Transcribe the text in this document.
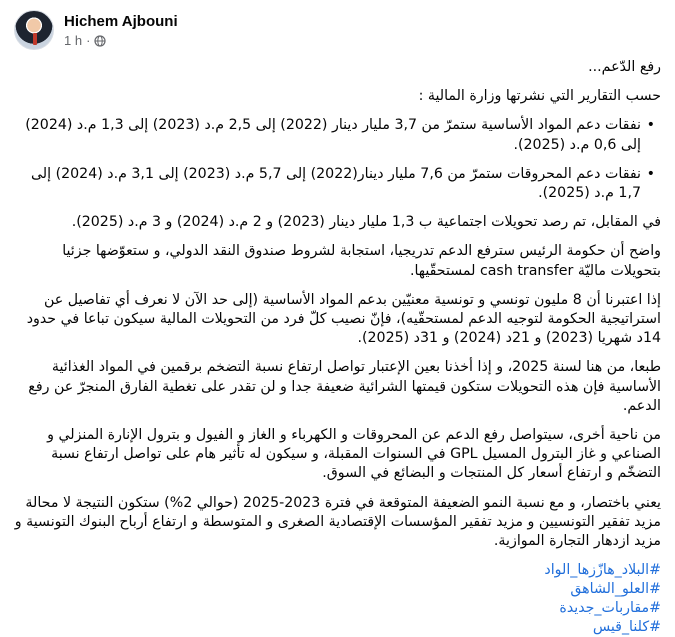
Hichem Ajbouni
1 h ·

رفع الدّعم...

حسب التقارير التي نشرتها وزارة المالية :

• نفقات دعم المواد الأساسية ستمرّ من 3,7 مليار دينار (2022) إلى 2,5 م.د (2023) إلى 1,3 م.د (2024) إلى 0,6 م.د (2025).
• نفقات دعم المحروقات ستمرّ من 7,6 مليار دينار(2022) إلى 5,7 م.د (2023) إلى 3,1 م.د (2024) إلى 1,7 م.د (2025).

في المقابل، تم رصد تحويلات اجتماعية ب 1,3 مليار دينار (2023) و 2 م.د (2024) و 3 م.د (2025).

واضح أن حكومة الرئيس سترفع الدعم تدريجيا، استجابة لشروط صندوق النقد الدولي، و ستعوّضها جزئيا بتحويلات ماليّة cash transfer لمستحقّيها.

إذا اعتبرنا أن 8 مليون تونسي و تونسية معنيّين بدعم المواد الأساسية (إلى حد الآن لا نعرف أي تفاصيل عن استراتيجية الحكومة لتوجيه الدعم لمستحقّيه)، فإنّ نصيب كلّ فرد من التحويلات المالية سيكون تباعا في حدود 14د شهريا (2023) و 21د (2024) و 31د (2025).

طبعا، من هنا لسنة 2025، و إذا أخذنا بعين الإعتبار تواصل ارتفاع نسبة التضخم برقمين في المواد الغذائية الأساسية فإن هذه التحويلات ستكون قيمتها الشرائية ضعيفة جدا و لن تقدر على تغطية الفارق المنجرّ عن رفع الدعم.

من ناحية أخرى، سيتواصل رفع الدعم عن المحروقات و الكهرباء و الغاز و الفيول و بترول الإنارة المنزلي و الصناعي و غاز البترول المسيل GPL في السنوات المقبلة، و سيكون له تأثير هام على تواصل ارتفاع نسبة التضخّم و ارتفاع أسعار كل المنتجات و البضائع في السوق.

يعني باختصار، و مع نسبة النمو الضعيفة المتوقعة في فترة 2023-2025 (حوالي 2%) ستكون النتيجة لا محالة مزيد تفقير التونسيين و مزيد تفقير المؤسسات الإقتصادية الصغرى و المتوسطة و ارتفاع أرباح البنوك التونسية و مزيد ازدهار التجارة الموازية.

#البلاد_هازّزها_الواد
#العلو_الشاهق
#مقاربات_جديدة
#كلنا_قيس
